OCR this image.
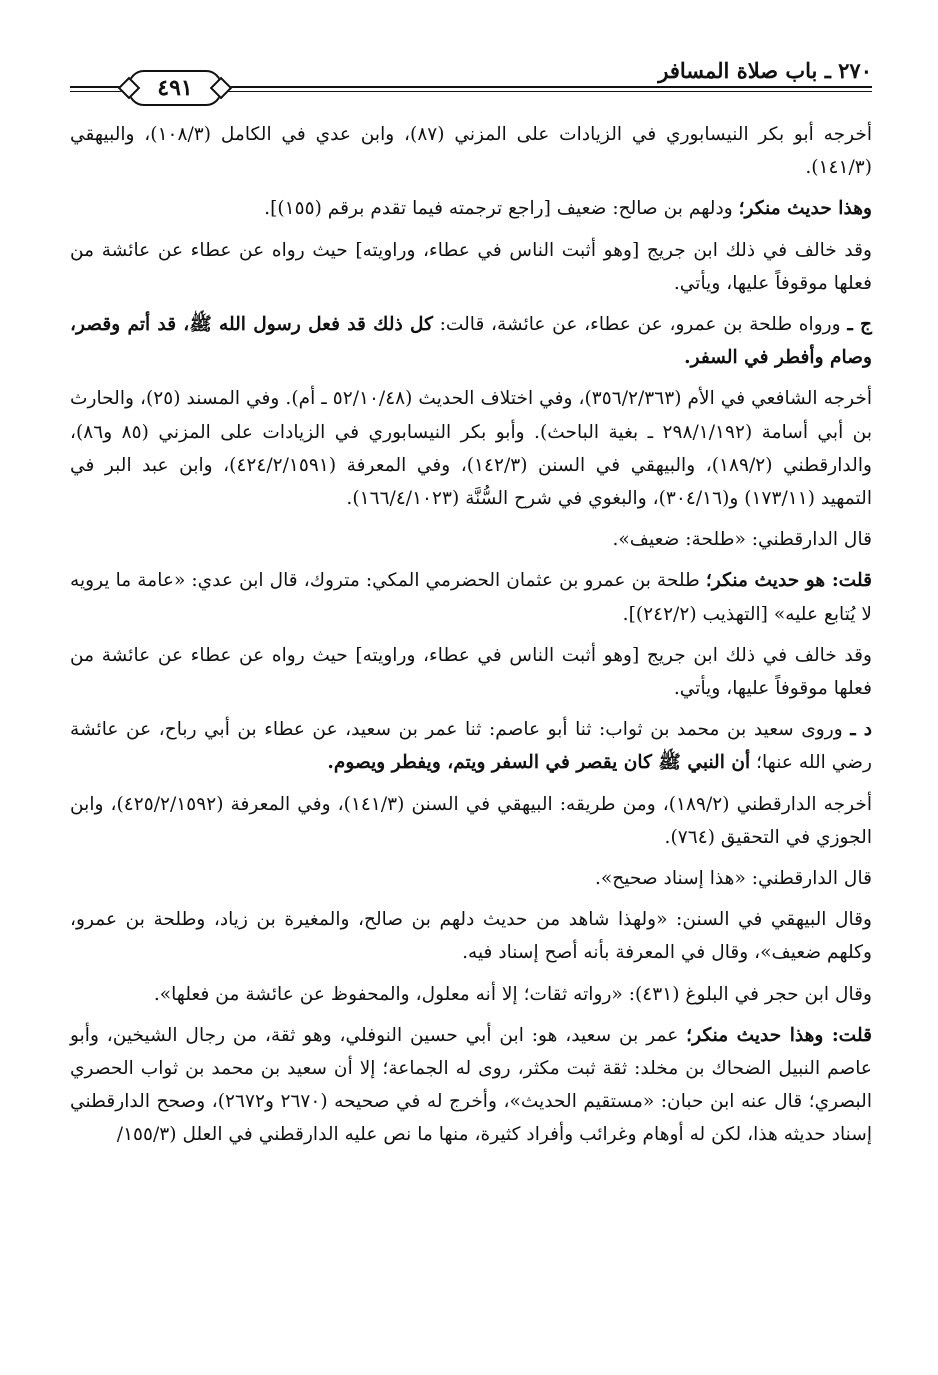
٢٧٠ ـ باب صلاة المسافر
٤٩١

أخرجه أبو بكر النيسابوري في الزيادات على المزني (٨٧)، وابن عدي في الكامل (١٠٨/٣)، والبيهقي (١٤١/٣).

وهذا حديث منكر؛ ودلهم بن صالح: ضعيف [راجع ترجمته فيما تقدم برقم (١٥٥)].

وقد خالف في ذلك ابن جريج [وهو أثبت الناس في عطاء، وراويته] حيث رواه عن عطاء عن عائشة من فعلها موقوفاً عليها، ويأتي.

ج ـ ورواه طلحة بن عمرو، عن عطاء، عن عائشة، قالت: كل ذلك قد فعل رسول الله ﷺ، قد أتم وقصر، وصام وأفطر في السفر.

أخرجه الشافعي في الأم (٣٥٦/٢/٣٦٣)، وفي اختلاف الحديث (٥٢/١٠/٤٨ ـ أم). وفي المسند (٢٥)، والحارث بن أبي أسامة (٢٩٨/١/١٩٢ ـ بغية الباحث). وأبو بكر النيسابوري في الزيادات على المزني (٨٥ و٨٦)، والدارقطني (١٨٩/٢)، والبيهقي في السنن (١٤٢/٣)، وفي المعرفة (٤٢٤/٢/١٥٩١)، وابن عبد البر في التمهيد (١٧٣/١١) و(٣٠٤/١٦)، والبغوي في شرح السُّنَّة (١٦٦/٤/١٠٢٣).

قال الدارقطني: «طلحة: ضعيف».

قلت: هو حديث منكر؛ طلحة بن عمرو بن عثمان الحضرمي المكي: متروك، قال ابن عدي: «عامة ما يرويه لا يُتابع عليه» [التهذيب (٢٤٢/٢)].

وقد خالف في ذلك ابن جريج [وهو أثبت الناس في عطاء، وراويته] حيث رواه عن عطاء عن عائشة من فعلها موقوفاً عليها، ويأتي.

د ـ وروى سعيد بن محمد بن ثواب: ثنا أبو عاصم: ثنا عمر بن سعيد، عن عطاء بن أبي رباح، عن عائشة رضي الله عنها؛ أن النبي ﷺ كان يقصر في السفر ويتم، ويفطر ويصوم.

أخرجه الدارقطني (١٨٩/٢)، ومن طريقه: البيهقي في السنن (١٤١/٣)، وفي المعرفة (٤٢٥/٢/١٥٩٢)، وابن الجوزي في التحقيق (٧٦٤).

قال الدارقطني: «هذا إسناد صحيح».

وقال البيهقي في السنن: «ولهذا شاهد من حديث دلهم بن صالح، والمغيرة بن زياد، وطلحة بن عمرو، وكلهم ضعيف»، وقال في المعرفة بأنه أصح إسناد فيه.

وقال ابن حجر في البلوغ (٤٣١): «رواته ثقات؛ إلا أنه معلول، والمحفوظ عن عائشة من فعلها».

قلت: وهذا حديث منكر؛ عمر بن سعيد، هو: ابن أبي حسين النوفلي، وهو ثقة، من رجال الشيخين، وأبو عاصم النبيل الضحاك بن مخلد: ثقة ثبت مكثر، روى له الجماعة؛ إلا أن سعيد بن محمد بن ثواب الحصري البصري؛ قال عنه ابن حبان: «مستقيم الحديث»، وأخرج له في صحيحه (٢٦٧٠ و٢٦٧٢)، وصحح الدارقطني إسناد حديثه هذا، لكن له أوهام وغرائب وأفراد كثيرة، منها ما نص عليه الدارقطني في العلل (١٥٥/٣/
